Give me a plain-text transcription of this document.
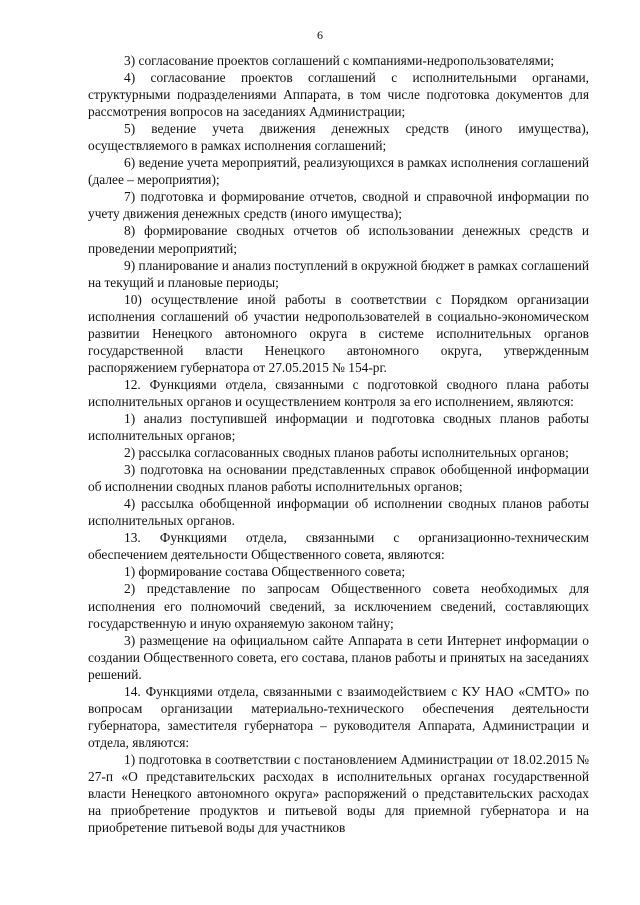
6

3) согласование проектов соглашений с компаниями-недропользователями;

4) согласование проектов соглашений с исполнительными органами, структурными подразделениями Аппарата, в том числе подготовка документов для рассмотрения вопросов на заседаниях Администрации;

5) ведение учета движения денежных средств (иного имущества), осуществляемого в рамках исполнения соглашений;

6) ведение учета мероприятий, реализующихся в рамках исполнения соглашений (далее – мероприятия);

7) подготовка и формирование отчетов, сводной и справочной информации по учету движения денежных средств (иного имущества);

8) формирование сводных отчетов об использовании денежных средств и проведении мероприятий;

9) планирование и анализ поступлений в окружной бюджет в рамках соглашений на текущий и плановые периоды;

10) осуществление иной работы в соответствии с Порядком организации исполнения соглашений об участии недропользователей в социально-экономическом развитии Ненецкого автономного округа в системе исполнительных органов государственной власти Ненецкого автономного округа, утвержденным распоряжением губернатора от 27.05.2015 № 154-рг.

12. Функциями отдела, связанными с подготовкой сводного плана работы исполнительных органов и осуществлением контроля за его исполнением, являются:

1) анализ поступившей информации и подготовка сводных планов работы исполнительных органов;

2) рассылка согласованных сводных планов работы исполнительных органов;

3) подготовка на основании представленных справок обобщенной информации об исполнении сводных планов работы исполнительных органов;

4) рассылка обобщенной информации об исполнении сводных планов работы исполнительных органов.

13. Функциями отдела, связанными с организационно-техническим обеспечением деятельности Общественного совета, являются:

1) формирование состава Общественного совета;

2) представление по запросам Общественного совета необходимых для исполнения его полномочий сведений, за исключением сведений, составляющих государственную и иную охраняемую законом тайну;

3) размещение на официальном сайте Аппарата в сети Интернет информации о создании Общественного совета, его состава, планов работы и принятых на заседаниях решений.

14. Функциями отдела, связанными с взаимодействием с КУ НАО «СМТО» по вопросам организации материально-технического обеспечения деятельности губернатора, заместителя губернатора – руководителя Аппарата, Администрации и отдела, являются:

1) подготовка в соответствии с постановлением Администрации от 18.02.2015 № 27-п «О представительских расходах в исполнительных органах государственной власти Ненецкого автономного округа» распоряжений о представительских расходах на приобретение продуктов и питьевой воды для приемной губернатора и на приобретение питьевой воды для участников
